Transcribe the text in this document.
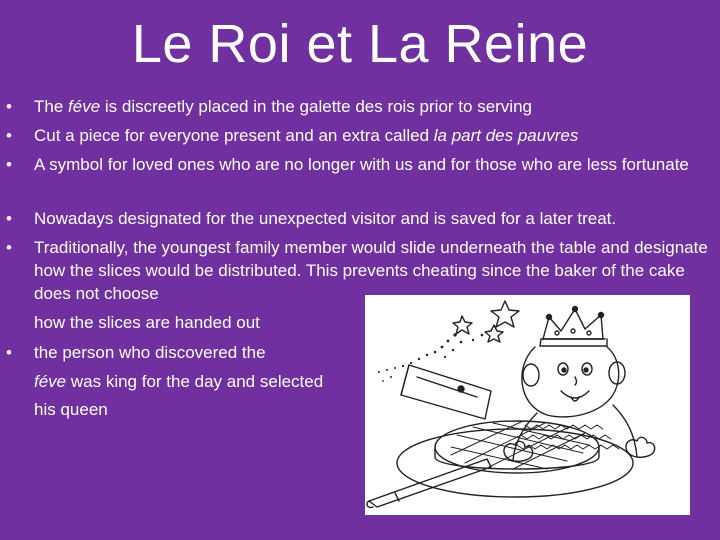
Le Roi et La Reine
• The féve is discreetly placed in the galette des rois prior to serving
• Cut a piece for everyone present and an extra called la part des pauvres
• A symbol for loved ones who are no longer with us and for those who are less fortunate
• Nowadays designated for the unexpected visitor and is saved for a later treat.
• Traditionally, the youngest family member would slide underneath the table and designate how the slices would be distributed. This prevents cheating since the baker of the cake does not choose
• the person who discovered the
how the slices are handed out
féve was king for the day and selected
his queen
